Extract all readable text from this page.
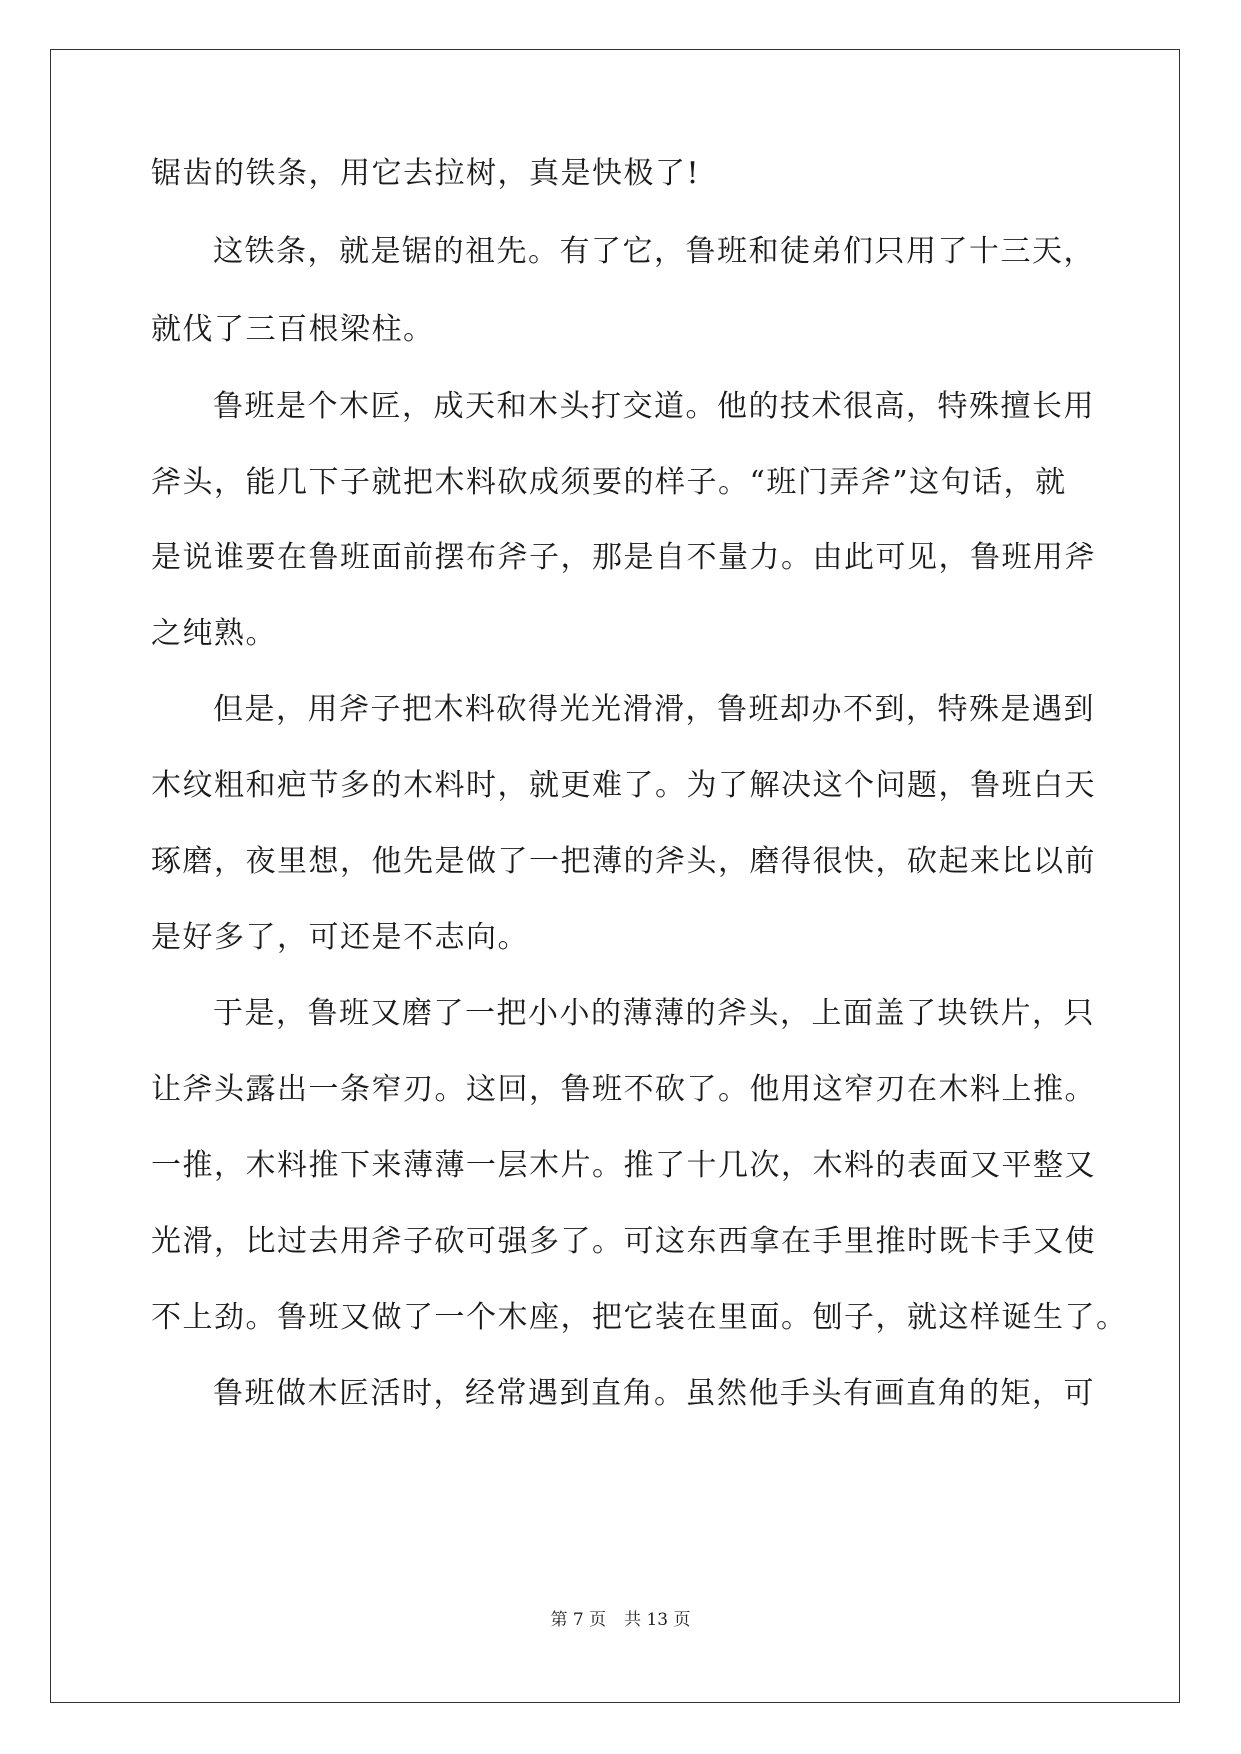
锯齿的铁条，用它去拉树，真是快极了!
这铁条，就是锯的祖先。有了它，鲁班和徒弟们只用了十三天，
就伐了三百根梁柱。
鲁班是个木匠，成天和木头打交道。他的技术很高，特殊擅长用
斧头，能几下子就把木料砍成须要的样子。“班门弄斧”这句话，就
是说谁要在鲁班面前摆布斧子，那是自不量力。由此可见，鲁班用斧
之纯熟。
但是，用斧子把木料砍得光光滑滑，鲁班却办不到，特殊是遇到
木纹粗和疤节多的木料时，就更难了。为了解决这个问题，鲁班白天
琢磨，夜里想，他先是做了一把薄的斧头，磨得很快，砍起来比以前
是好多了，可还是不志向。
于是，鲁班又磨了一把小小的薄薄的斧头，上面盖了块铁片，只
让斧头露出一条窄刃。这回，鲁班不砍了。他用这窄刃在木料上推。
一推，木料推下来薄薄一层木片。推了十几次，木料的表面又平整又
光滑，比过去用斧子砍可强多了。可这东西拿在手里推时既卡手又使
不上劲。鲁班又做了一个木座，把它装在里面。刨子，就这样诞生了。
鲁班做木匠活时，经常遇到直角。虽然他手头有画直角的矩，可
第 7 页 共 13 页
